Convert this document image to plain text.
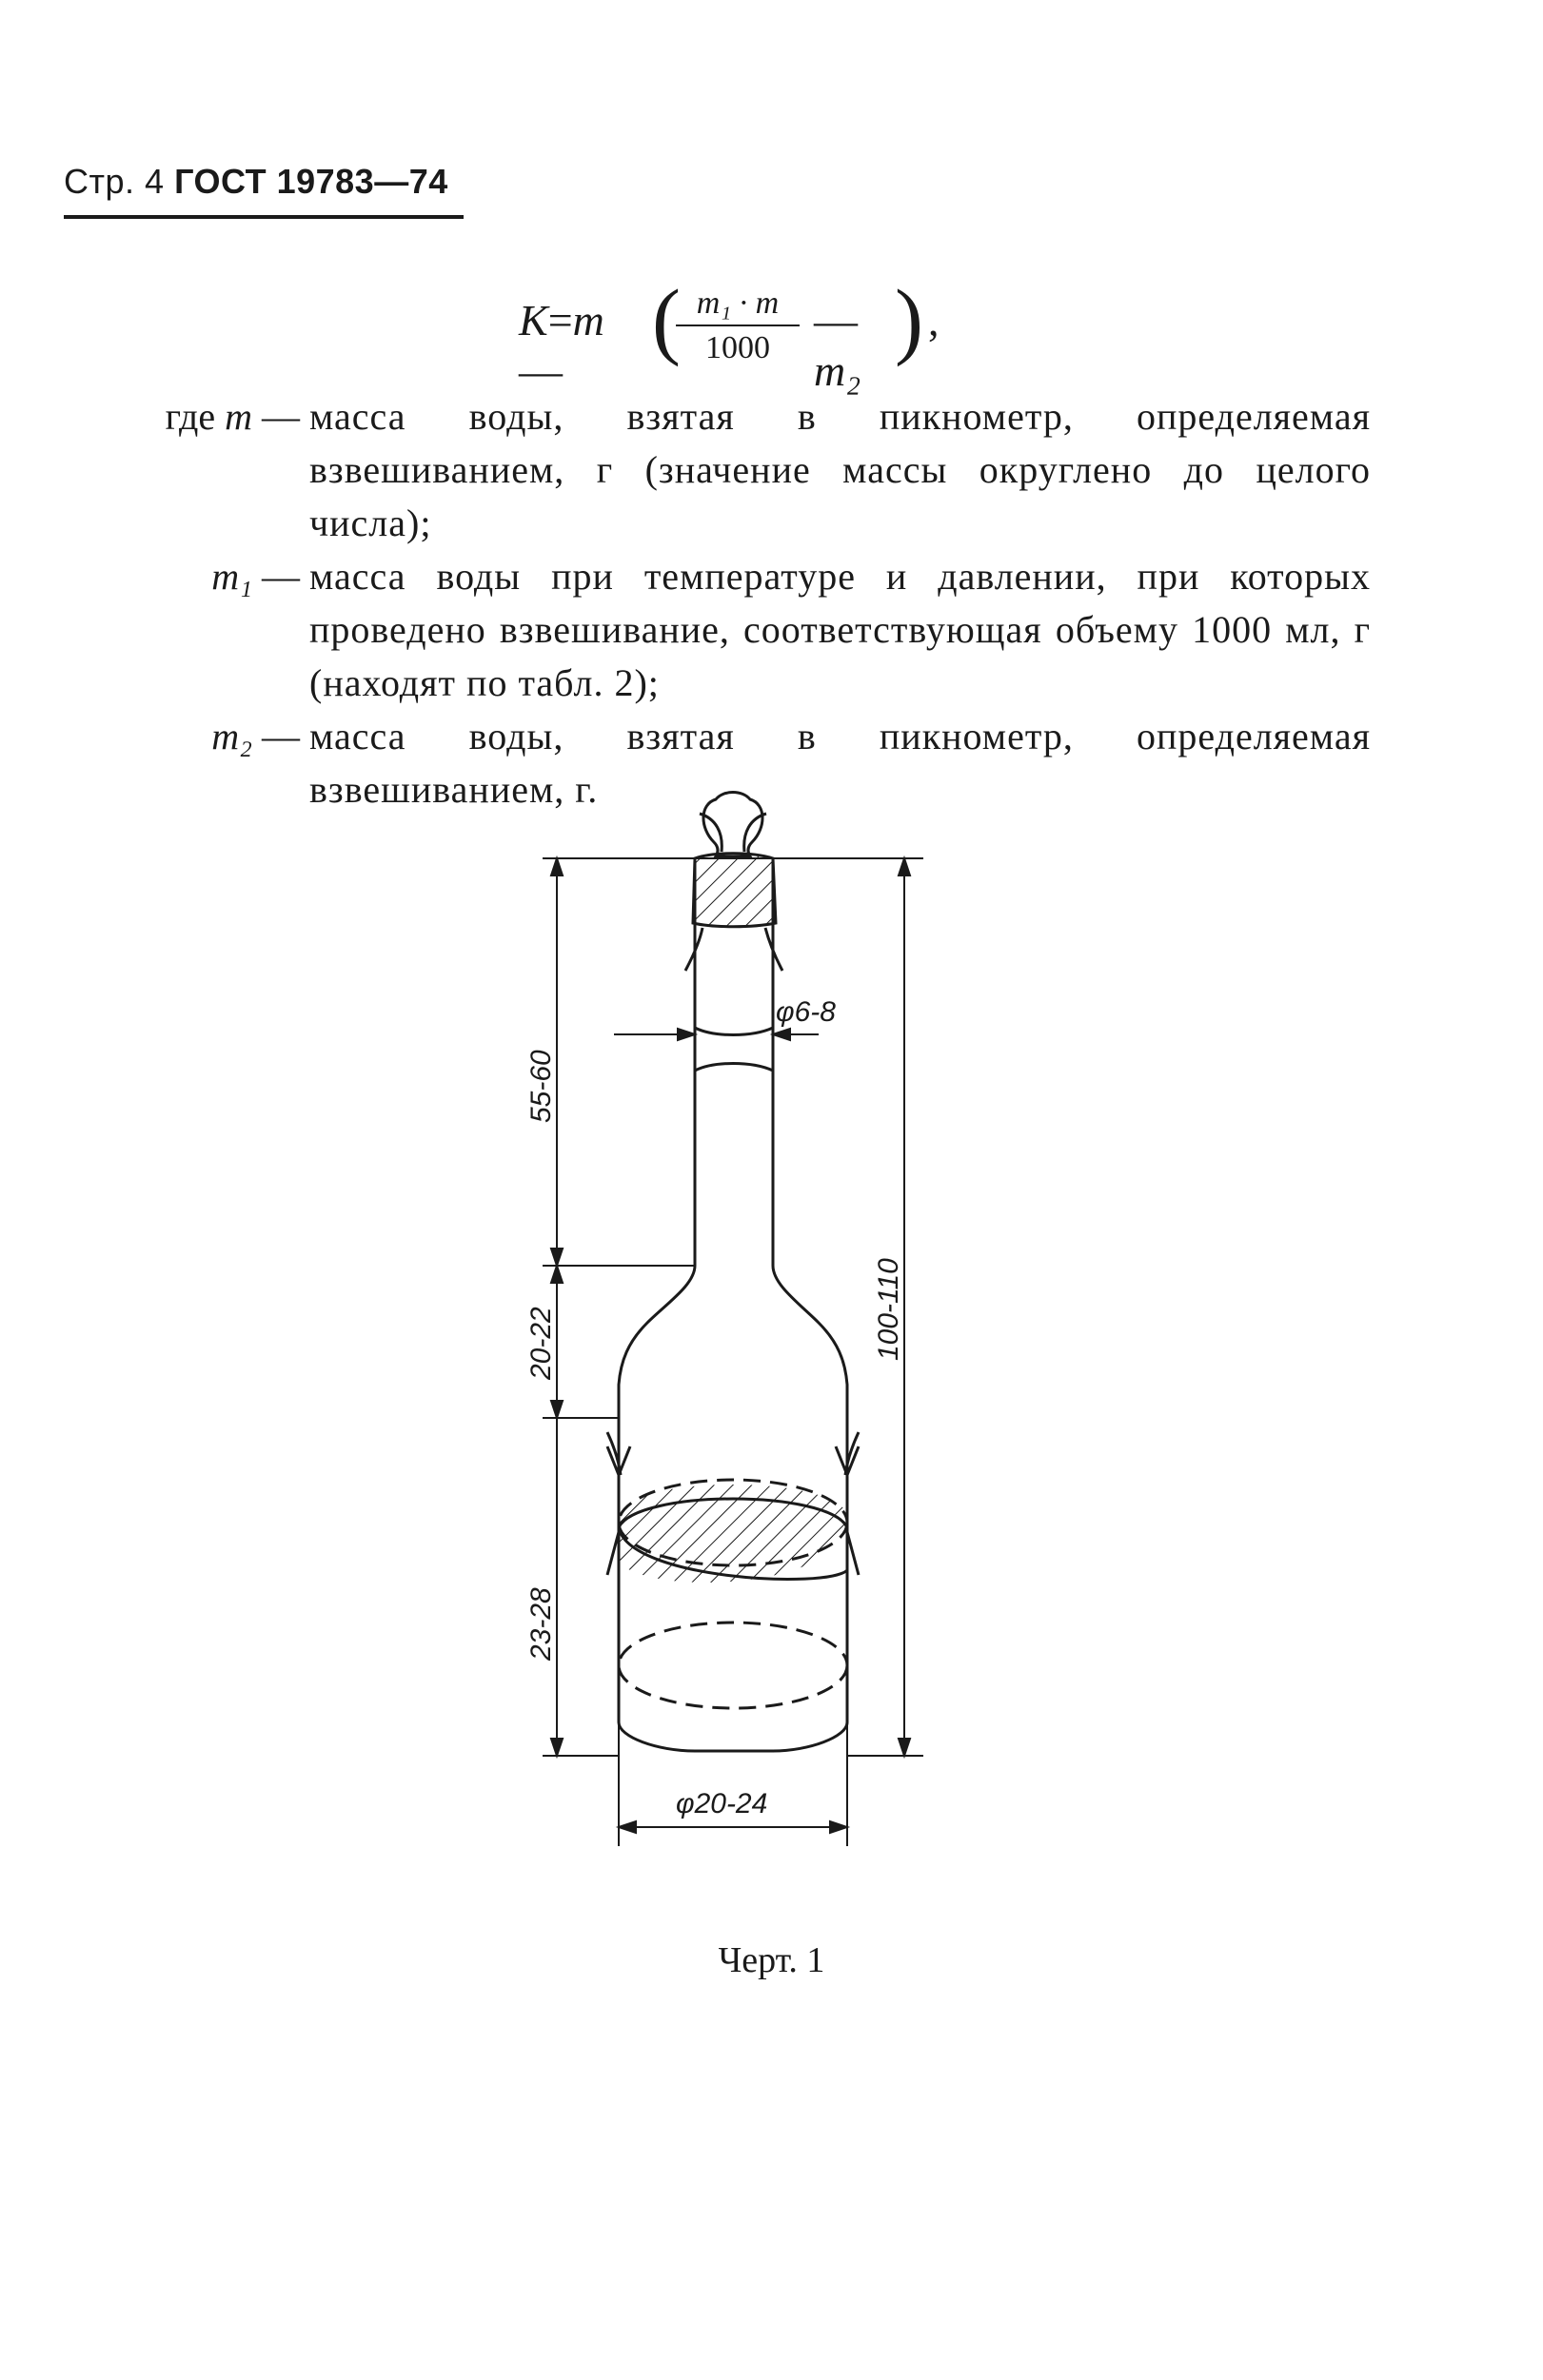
Стр. 4 ГОСТ 19783—74
K=m—
(
$\frac{\text{m₁ · m}}{1000}$ —m₂
) ,
где m — масса воды, взятая в пикнометр, определяемая взвешиванием, г (значение массы округлено до целого числа);
m₁ — масса воды при температуре и давлении, при которых проведено взвешивание, соответствующая объему 1000 мл, г (находят по табл. 2);
m₂ — масса воды, взятая в пикнометр, определяемая взвешиванием, г.
φ6-8
55-60
100-110
20-22
23-28
φ20-24
Черт. 1
